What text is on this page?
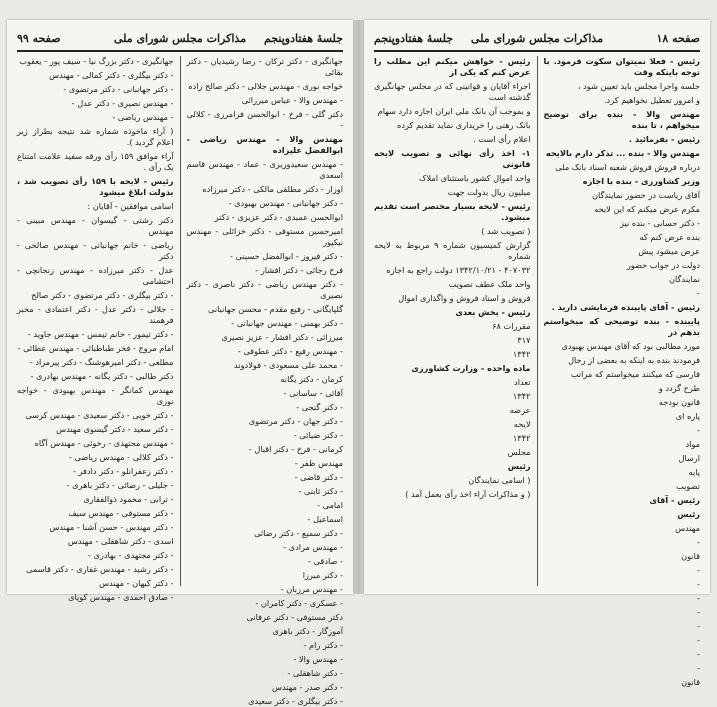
جلسهٔ هفتادوپنجم
مذاکرات مجلس شورای ملی
صفحه ۹۹

جهانگیری - دکتر ترکان - رضا رشیدیان - دکتر بقائی

خواجه نوری - مهندس جلالی - دکتر صالح زاده

- مهندس والا - عباس میرزائی

دکتر گلی - فرخ - ابوالحسن فرامرزی - کلالی -

مهندس والا - مهندس ریاضی - ابوالفضل علیزاده

- مهندس سعیدوزیری - عماد - مهندس قاسم اسعدی

اوزار - دکتر مطلقی مالکی - دکتر میرزاده

- دکتر جهانبانی - مهندس بهبودی -

ابوالحسن عمیدی - دکتر عزیزی - دکتر

امیرحسین مستوفی - دکتر خزائلی - مهندس نیکپور

- دکتر فیروز - ابوالفضل حسینی -

فرخ رجائی - دکتر افشار -

- دکتر مهندس ریاضی - دکتر ناصری - دکتر نصیری

گلپایگانی - رفیع مقدم - محسن جهانبانی

- دکتر بهمنی - مهندس جهانبانی -

میرزائی - دکتر افشار - عزیز نصیری

- مهندس رفیع - دکتر عطوفی -

- محمد علی مسعودی - فولادوند

کرمان - دکتر یگانه

آقائی - ساسانی -

- دکتر گنجی -

- دکتر جهان - دکتر مرتضوی

- دکتر ضیائی -

کرمانی - فرخ - دکتر اقبال -

مهندس ظفر -

- دکتر قاضی -

- دکتر ثابتی -

امامی -

اسماعیل -

- دکتر سمیع - دکتر رضائی

- مهندس مرادی -

- صادقی -

- دکتر میرزا

- مهندس مرزبان -

- عسکری - دکتر کامران -

دکتر مستوفی - دکتر عرفانی

آموزگار - دکتر باهری

- دکتر رام -

- مهندس والا -

- دکتر شاهقلی -

- دکتر صدر - مهندس

- دکتر بیگلری - دکتر سعیدی

جهانگیری - دکتر بزرگ نیا - سیف پور - یعقوب

- دکتر بیگلری - دکتر کمالی - مهندس

- دکتر جهانبانی - دکتر مرتضوی -

- مهندس نصیری - دکتر عدل -

- مهندس ریاضی -

( آراء ماخوذه شماره شد نتیجه بطراز زیر اعلام گردید ).

آراء موافق ۱۵۹ رأی ورقه سفید علامت امتناع یک رأی .

رئیس - لایحه با ۱۵۹ رأی تصویب شد ، بدولت ابلاغ میشود

اسامی موافقین - آقایان :

دکتر رشتی - گیسوان - مهندس مبینی - مهندس

ریاضی - خانم جهانبانی - مهندس صالحی - دکتر

عدل - دکتر میرزاده - مهندس زنجانچی - احتشامی

- دکتر بیگلری - دکتر مرتضوی - دکتر صالح

- جلالی - دکتر عدل - دکتر اعتمادی - مخبر فرهمند

- دکتر تیمور - خانم تیمس - مهندس جاوید -

امام مروج - فخر طباطبائی - مهندس عطائی -

مطلعی - دکتر امیرهوشنگ - دکتر پیرمراد -

دکتر طالبی - دکتر یگانه - مهندس بهادری -

مهندس کمانگر - مهندس بهبودی - خواجه نوری

- دکتر خوبی - دکتر سعیدی - مهندس کرسی

- دکتر سعید - دکتر گیسوی مهندس

- مهندس مجتهدی - رخوئی - مهندس آگاه

- دکتر کلالی - مهندس ریاضی -

- دکتر زعفرانلو - دکتر دادفر -

- جلیلی - رضائی - دکتر باهری -

- ترابی - محمود ذوالفقاری

- دکتر مستوفی - مهندس سیف

- دکتر مهندس - حسن آشنا - مهندس

اسدی - دکتر شاهقلی - مهندس

- دکتر مجتهدی - بهادری -

- دکتر رشید - مهندس غفاری - دکتر قاسمی

- دکتر کیهان - مهندس

- صادق احمدی - مهندس کوپای

صفحه ۱۸
مذاکرات مجلس شورای ملی
جلسهٔ هفتادوپنجم

رئیس - فعلا نمیتوان سکوت فرمود. با توجه باینکه وقت

جلسه واجرا مجلس باید تعیین شود ،

و امروز تعطیل نخواهیم کرد.

مهندس والا - بنده برای توضیح میخواهم ، تا بنده

رئیس - بفرمائید .

مهندس والا - بنده ... تذکر دارم بالایحه

درباره فروش فروش شعبه اسناد بانک ملی

وزیر کشاورزی - بنده با اجازه

آقای ریاست در حضور نمایندگان

مکرم عرض میکنم که این لایحه

- دکتر حسابی - بنده نیز

بنده عرض کنم که

عرض میشود پیش

دولت در جواب حضور

نمایندگان

-

رئیس - آقای پایبنده فرمایشی دارید .

پایبنده - بنده توضیحی که میخواستم بدهم در

مورد مطالبی بود که آقای مهندس بهبودی

فرمودند بنده به اینکه به بعضی از رجال

فارسی که میکنند میخواستم که مراتب

طرح گردد و

قانون بودجه

پاره ای

-

مواد

ارسال

پایه

تصویب

رئیس - آقای

رئیس

مهندس

-

قانون

-

-

-

-

-

-

-

-

قانون

رئیس - خواهش میکنم این مطلب را عرض کنم که یکی از

اجراء آقایان و قوانینی که در مجلس جهانگیری گذشته است

و بموجب آن بانک ملی ایران اجازه دارد سهام

بانک رهنی را خریداری نماید تقدیم کرده

اعلام رأی است .

۱- اخذ رأی نهائی و تصویب لایحه قانونی

واحد اموال کشور باستثنای املاک

میلیون ریال بدولت جهت

رئیس - لایحه بسیار مختصر است تقدیم میشود.

( تصویب شد )

گزارش کمیسیون شماره ۹ مربوط به لایحه شماره

۴۰۷۰۳۲ - ۱۳۴۲/۱۰/۲۱ دولت راجع به اجازه

واحد ملک عطف تصویب

فروش و اسناد فروش و واگذاری اموال

رئیس - بخش بعدی

مقررات ۶۸

۳۱۷

۱۳۴۲

ماده واحده - وزارت کشاورزی

تعداد

۱۳۴۲

عرضه

لایحه

۱۳۴۲

مجلس

رئیس

( اسامی نمایندگان

( و مذاکرات آراء اخذ رأی بعمل آمد )
